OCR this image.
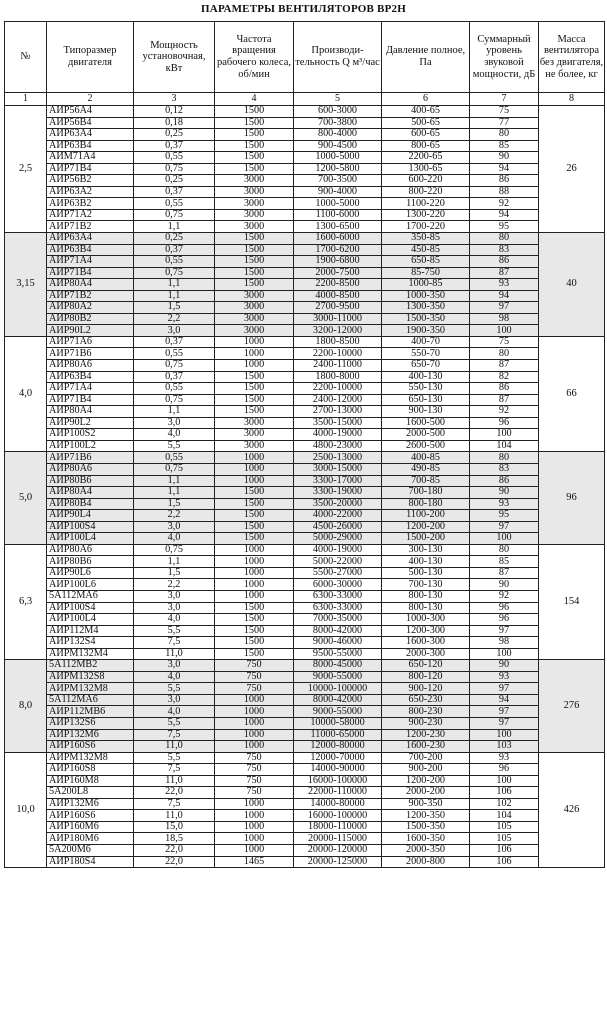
ПАРАМЕТРЫ ВЕНТИЛЯТОРОВ ВР2Н
№	Типоразмер двигателя	Мощность установочная, кВт	Частота вращения рабочего колеса, об/мин	Производи-тельность Q м³/час	Давление полное, Па	Суммарный уровень звуковой мощности, дБ	Масса вентилятора без двигателя, не более, кг
1	2	3	4	5	6	7	8
2,5	АИР56А4	0,12	1500	600-3000	400-65	75	26
	АИР56В4	0,18	1500	700-3800	500-65	77	
	АИР63А4	0,25	1500	800-4000	600-65	80	
	АИР63В4	0,37	1500	900-4500	800-65	85	
	АИМ71А4	0,55	1500	1000-5000	2200-65	90	
	АИР71В4	0,75	1500	1200-5800	1300-65	94	
	АИР56В2	0,25	3000	700-3500	600-220	86	
	АИР63А2	0,37	3000	900-4000	800-220	88	
	АИР63В2	0,55	3000	1000-5000	1100-220	92	
	АИР71А2	0,75	3000	1100-6000	1300-220	94	
	АИР71В2	1,1	3000	1300-6500	1700-220	95	
3,15	АИР63А4	0,25	1500	1600-6000	350-85	80	40
	АИР63В4	0,37	1500	1700-6200	450-85	83	
	АИР71А4	0,55	1500	1900-6800	650-85	86	
	АИР71В4	0,75	1500	2000-7500	85-750	87	
	АИР80А4	1,1	1500	2200-8500	1000-85	93	
	АИР71В2	1,1	3000	4000-8500	1000-350	94	
	АИР80А2	1,5	3000	2700-9500	1300-350	97	
	АИР80В2	2,2	3000	3000-11000	1500-350	98	
	АИР90L2	3,0	3000	3200-12000	1900-350	100	
4,0	АИР71А6	0,37	1000	1800-8500	400-70	75	66
	АИР71В6	0,55	1000	2200-10000	550-70	80	
	АИР80А6	0,75	1000	2400-11000	650-70	87	
	АИР63В4	0,37	1500	1800-8000	400-130	82	
	АИР71А4	0,55	1500	2200-10000	550-130	86	
	АИР71В4	0,75	1500	2400-12000	650-130	87	
	АИР80А4	1,1	1500	2700-13000	900-130	92	
	АИР90L2	3,0	3000	3500-15000	1600-500	96	
	АИР100S2	4,0	3000	4000-19000	2000-500	100	
	АИР100L2	5,5	3000	4800-23000	2600-500	104	
5,0	АИР71В6	0,55	1000	2500-13000	400-85	80	96
	АИР80А6	0,75	1000	3000-15000	490-85	83	
	АИР80В6	1,1	1000	3300-17000	700-85	86	
	АИР80А4	1,1	1500	3300-19000	700-180	90	
	АИР80В4	1,5	1500	3500-20000	800-180	93	
	АИР90L4	2,2	1500	4000-22000	1100-200	95	
	АИР100S4	3,0	1500	4500-26000	1200-200	97	
	АИР100L4	4,0	1500	5000-29000	1500-200	100	
6,3	АИР80А6	0,75	1000	4000-19000	300-130	80	154
	АИР80В6	1,1	1000	5000-22000	400-130	85	
	АИР90L6	1,5	1000	5500-27000	500-130	87	
	АИР100L6	2,2	1000	6000-30000	700-130	90	
	5А112МА6	3,0	1000	6300-33000	800-130	92	
	АИР100S4	3,0	1500	6300-33000	800-130	96	
	АИР100L4	4,0	1500	7000-35000	1000-300	96	
	АИР112М4	5,5	1500	8000-42000	1200-300	97	
	АИР132S4	7,5	1500	9000-46000	1600-300	98	
	АИРМ132М4	11,0	1500	9500-55000	2000-300	100	
8,0	5А112МВ2	3,0	750	8000-45000	650-120	90	276
	АИРМ132S8	4,0	750	9000-55000	800-120	93	
	АИРМ132М8	5,5	750	10000-100000	900-120	97	
	5А112МА6	3,0	1000	8000-42000	650-230	94	
	АИР112МВ6	4,0	1000	9000-55000	800-230	97	
	АИР132S6	5,5	1000	10000-58000	900-230	97	
	АИР132М6	7,5	1000	11000-65000	1200-230	100	
	АИР160S6	11,0	1000	12000-80000	1600-230	103	
10,0	АИРМ132М8	5,5	750	12000-70000	700-200	93	426
	АИР160S8	7,5	750	14000-90000	900-200	96	
	АИР160М8	11,0	750	16000-100000	1200-200	100	
	5А200L8	22,0	750	22000-110000	2000-200	106	
	АИР132М6	7,5	1000	14000-80000	900-350	102	
	АИР160S6	11,0	1000	16000-100000	1200-350	104	
	АИР160М6	15,0	1000	18000-110000	1500-350	105	
	АИР180М6	18,5	1000	20000-115000	1600-350	105	
	5А200М6	22,0	1000	20000-120000	2000-350	106	
	АИР180S4	22,0	1465	20000-125000	2000-800	106	
